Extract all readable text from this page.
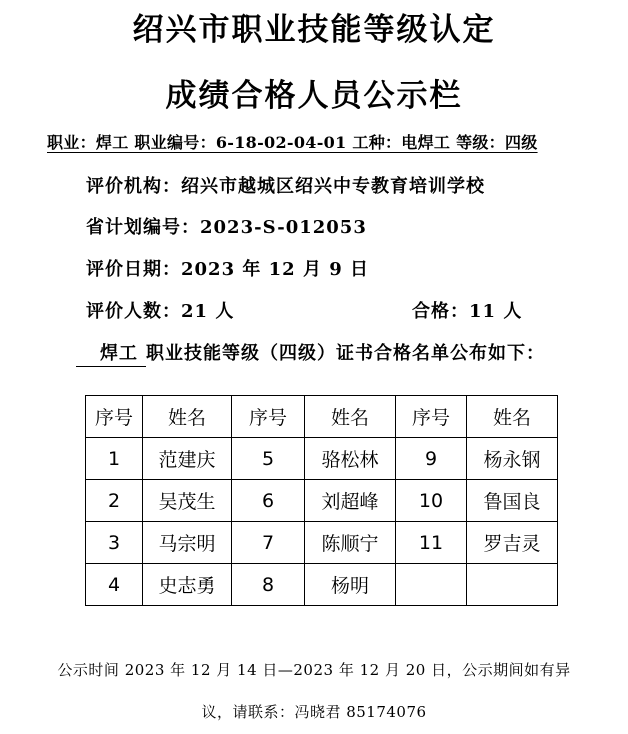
绍兴市职业技能等级认定
成绩合格人员公示栏
职业：焊工 职业编号：6-18-02-04-01 工种：电焊工 等级：四级
评价机构：绍兴市越城区绍兴中专教育培训学校
省计划编号：2023-S-012053
评价日期：2023 年 12 月 9 日
评价人数：21 人	合格：11 人
焊工 职业技能等级（四级）证书合格名单公布如下：
序号	姓名	序号	姓名	序号	姓名
1	范建庆	5	骆松林	9	杨永钢
2	吴茂生	6	刘超峰	10	鲁国良
3	马宗明	7	陈顺宁	11	罗吉灵
4	史志勇	8	杨明		
公示时间 2023 年 12 月 14 日—2023 年 12 月 20 日，公示期间如有异
议，请联系：冯晓君 85174076
